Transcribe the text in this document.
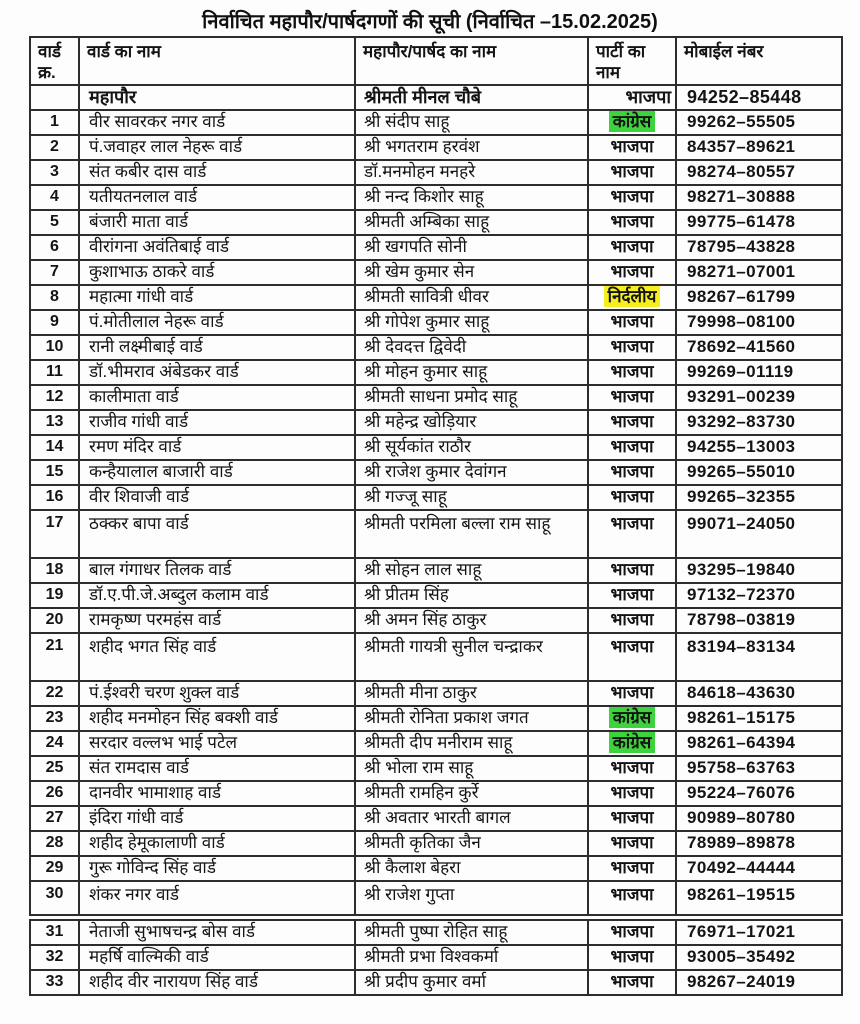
निर्वाचित महापौर/पार्षदगणों की सूची (निर्वाचित –15.02.2025)
वार्ड क्र.	वार्ड का नाम	महापौर/पार्षद का नाम	पार्टी का नाम	मोबाईल नंबर
	महापौर	श्रीमती मीनल चौबे	भाजपा	94252–85448
1	वीर सावरकर नगर वार्ड	श्री संदीप साहू	कांग्रेस	99262–55505
2	पं.जवाहर लाल नेहरू वार्ड	श्री भगतराम हरवंश	भाजपा	84357–89621
3	संत कबीर दास वार्ड	डॉ.मनमोहन मनहरे	भाजपा	98274–80557
4	यतीयतनलाल वार्ड	श्री नन्द किशोर साहू	भाजपा	98271–30888
5	बंजारी माता वार्ड	श्रीमती अम्बिका साहू	भाजपा	99775–61478
6	वीरांगना अवंतिबाई वार्ड	श्री खगपति सोनी	भाजपा	78795–43828
7	कुशाभाऊ ठाकरे वार्ड	श्री खेम कुमार सेन	भाजपा	98271–07001
8	महात्मा गांधी वार्ड	श्रीमती सावित्री धीवर	निर्दलीय	98267–61799
9	पं.मोतीलाल नेहरू वार्ड	श्री गोपेश कुमार साहू	भाजपा	79998–08100
10	रानी लक्ष्मीबाई वार्ड	श्री देवदत्त द्विवेदी	भाजपा	78692–41560
11	डॉ.भीमराव अंबेडकर वार्ड	श्री मोहन कुमार साहू	भाजपा	99269–01119
12	कालीमाता वार्ड	श्रीमती साधना प्रमोद साहू	भाजपा	93291–00239
13	राजीव गांधी वार्ड	श्री महेन्द्र खोड़ियार	भाजपा	93292–83730
14	रमण मंदिर वार्ड	श्री सूर्यकांत राठौर	भाजपा	94255–13003
15	कन्हैयालाल बाजारी वार्ड	श्री राजेश कुमार देवांगन	भाजपा	99265–55010
16	वीर शिवाजी वार्ड	श्री गज्जू साहू	भाजपा	99265–32355
17	ठक्कर बापा वार्ड	श्रीमती परमिला बल्ला राम साहू	भाजपा	99071–24050
18	बाल गंगाधर तिलक वार्ड	श्री सोहन लाल साहू	भाजपा	93295–19840
19	डॉ.ए.पी.जे.अब्दुल कलाम वार्ड	श्री प्रीतम सिंह	भाजपा	97132–72370
20	रामकृष्ण परमहंस वार्ड	श्री अमन सिंह ठाकुर	भाजपा	78798–03819
21	शहीद भगत सिंह वार्ड	श्रीमती गायत्री सुनील चन्द्राकर	भाजपा	83194–83134
22	पं.ईश्वरी चरण शुक्ल वार्ड	श्रीमती मीना ठाकुर	भाजपा	84618–43630
23	शहीद मनमोहन सिंह बक्शी वार्ड	श्रीमती रोनिता प्रकाश जगत	कांग्रेस	98261–15175
24	सरदार वल्लभ भाई पटेल	श्रीमती दीप मनीराम साहू	कांग्रेस	98261–64394
25	संत रामदास वार्ड	श्री भोला राम साहू	भाजपा	95758–63763
26	दानवीर भामाशाह वार्ड	श्रीमती रामहिन कुर्रे	भाजपा	95224–76076
27	इंदिरा गांधी वार्ड	श्री अवतार भारती बागल	भाजपा	90989–80780
28	शहीद हेमूकालाणी वार्ड	श्रीमती कृतिका जैन	भाजपा	78989–89878
29	गुरू गोविन्द सिंह वार्ड	श्री कैलाश बेहरा	भाजपा	70492–44444
30	शंकर नगर वार्ड	श्री राजेश गुप्ता	भाजपा	98261–19515

31	नेताजी सुभाषचन्द्र बोस वार्ड	श्रीमती पुष्पा रोहित साहू	भाजपा	76971–17021
32	महर्षि वाल्मिकी वार्ड	श्रीमती प्रभा विश्वकर्मा	भाजपा	93005–35492
33	शहीद वीर नारायण सिंह वार्ड	श्री प्रदीप कुमार वर्मा	भाजपा	98267–24019
